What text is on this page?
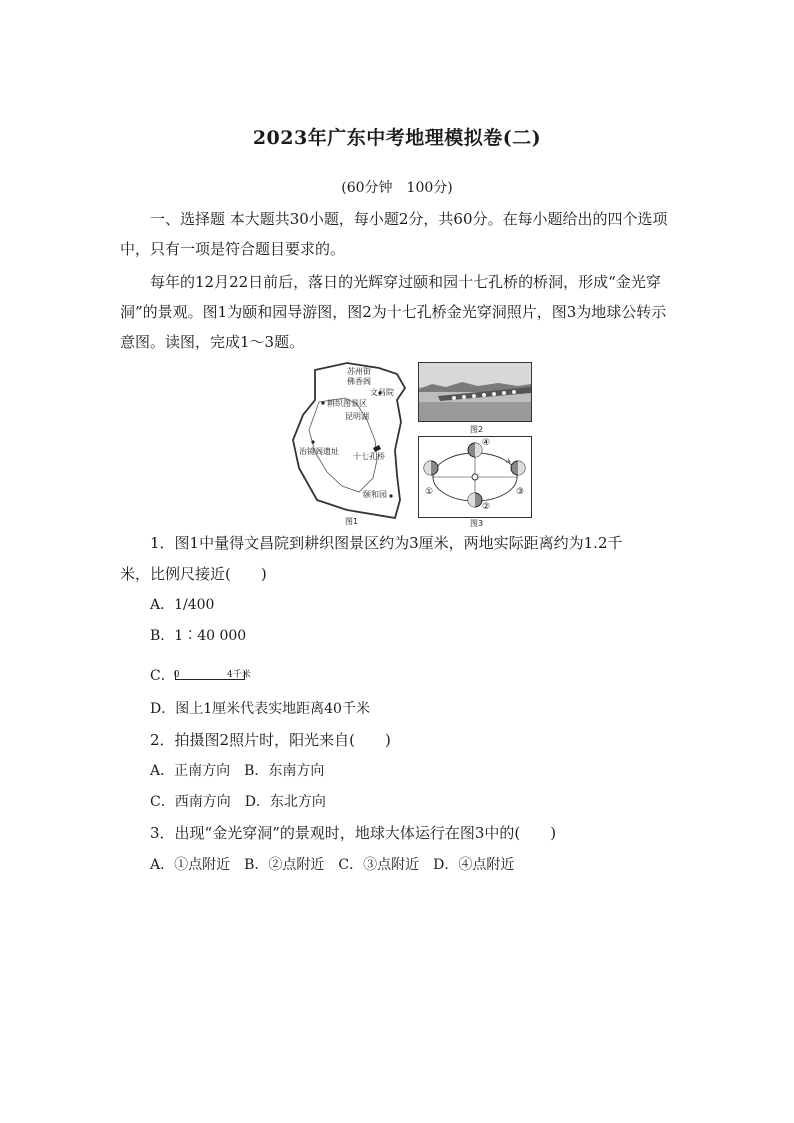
2023年广东中考地理模拟卷(二)
(60分钟　100分)
一、选择题 本大题共30小题，每小题2分，共60分。在每小题给出的四个选项中，只有一项是符合题目要求的。
每年的12月22日前后，落日的光辉穿过颐和园十七孔桥的桥洞，形成“金光穿洞”的景观。图1为颐和园导游图，图2为十七孔桥金光穿洞照片，图3为地球公转示意图。读图，完成1～3题。
苏州街
佛香阁
文昌院
耕织图景区
昆明湖
治镜阁遗址
十七孔桥
颐和园
图1
图2
①
②
③
④
图3
1．图1中量得文昌院到耕织图景区约为3厘米，两地实际距离约为1.2千
米，比例尺接近(　　)
A．1/400
B．1∶40 000
C． 0	4千米
D．图上1厘米代表实地距离40千米
2．拍摄图2照片时，阳光来自(　　)
A．正南方向　B．东南方向
C．西南方向　D．东北方向
3．出现“金光穿洞”的景观时，地球大体运行在图3中的(　　)
A．①点附近　B．②点附近　C．③点附近　D．④点附近
